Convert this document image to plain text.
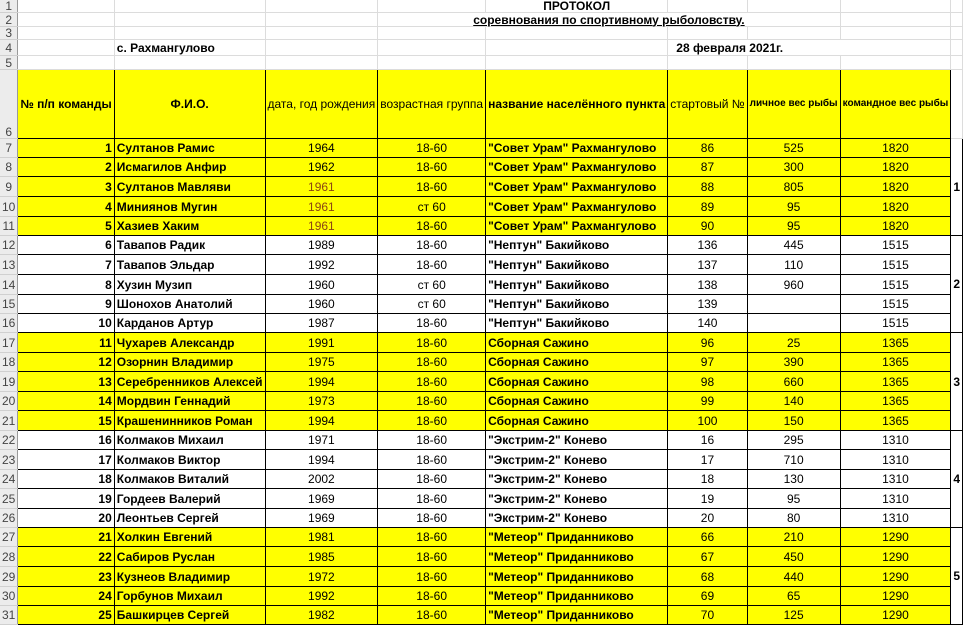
1					ПРОТОКОЛ				
2				соревнования по спортивному рыболовству.					
3									
4		с. Рахмангулово				28 февраля 2021г.			
5									
6	№ п/п команды	Ф.И.О.	дата, год рождения	возрастная группа	название населённого пункта	стартовый №	личное вес рыбы	командное вес рыбы	
7	1	Султанов Рамис	1964	18-60	"Совет Урам" Рахмангулово	86	525	1820	1
8	2	Исмагилов Анфир	1962	18-60	"Совет Урам" Рахмангулово	87	300	1820	
9	3	Султанов Мавляви	1961	18-60	"Совет Урам" Рахмангулово	88	805	1820	
10	4	Миниянов Мугин	1961	ст 60	"Совет Урам" Рахмангулово	89	95	1820	
11	5	Хазиев Хаким	1961	18-60	"Совет Урам" Рахмангулово	90	95	1820	
12	6	Тавапов Радик	1989	18-60	"Нептун" Бакийково	136	445	1515	2
13	7	Тавапов Эльдар	1992	18-60	"Нептун" Бакийково	137	110	1515	
14	8	Хузин Музип	1960	ст 60	"Нептун" Бакийково	138	960	1515	
15	9	Шонохов Анатолий	1960	ст 60	"Нептун" Бакийково	139		1515	
16	10	Карданов Артур	1987	18-60	"Нептун" Бакийково	140		1515	
17	11	Чухарев Александр	1991	18-60	Сборная Сажино	96	25	1365	3
18	12	Озорнин Владимир	1975	18-60	Сборная Сажино	97	390	1365	
19	13	Серебренников Алексей	1994	18-60	Сборная Сажино	98	660	1365	
20	14	Мордвин Геннадий	1973	18-60	Сборная Сажино	99	140	1365	
21	15	Крашенинников Роман	1994	18-60	Сборная Сажино	100	150	1365	
22	16	Колмаков Михаил	1971	18-60	"Экстрим-2" Конево	16	295	1310	4
23	17	Колмаков Виктор	1994	18-60	"Экстрим-2" Конево	17	710	1310	
24	18	Колмаков Виталий	2002	18-60	"Экстрим-2" Конево	18	130	1310	
25	19	Гордеев Валерий	1969	18-60	"Экстрим-2" Конево	19	95	1310	
26	20	Леонтьев Сергей	1969	18-60	"Экстрим-2" Конево	20	80	1310	
27	21	Холкин Евгений	1981	18-60	"Метеор" Приданниково	66	210	1290	5
28	22	Сабиров Руслан	1985	18-60	"Метеор" Приданниково	67	450	1290	
29	23	Кузнеов Владимир	1972	18-60	"Метеор" Приданниково	68	440	1290	
30	24	Горбунов Михаил	1992	18-60	"Метеор" Приданниково	69	65	1290	
31	25	Башкирцев Сергей	1982	18-60	"Метеор" Приданниково	70	125	1290	
